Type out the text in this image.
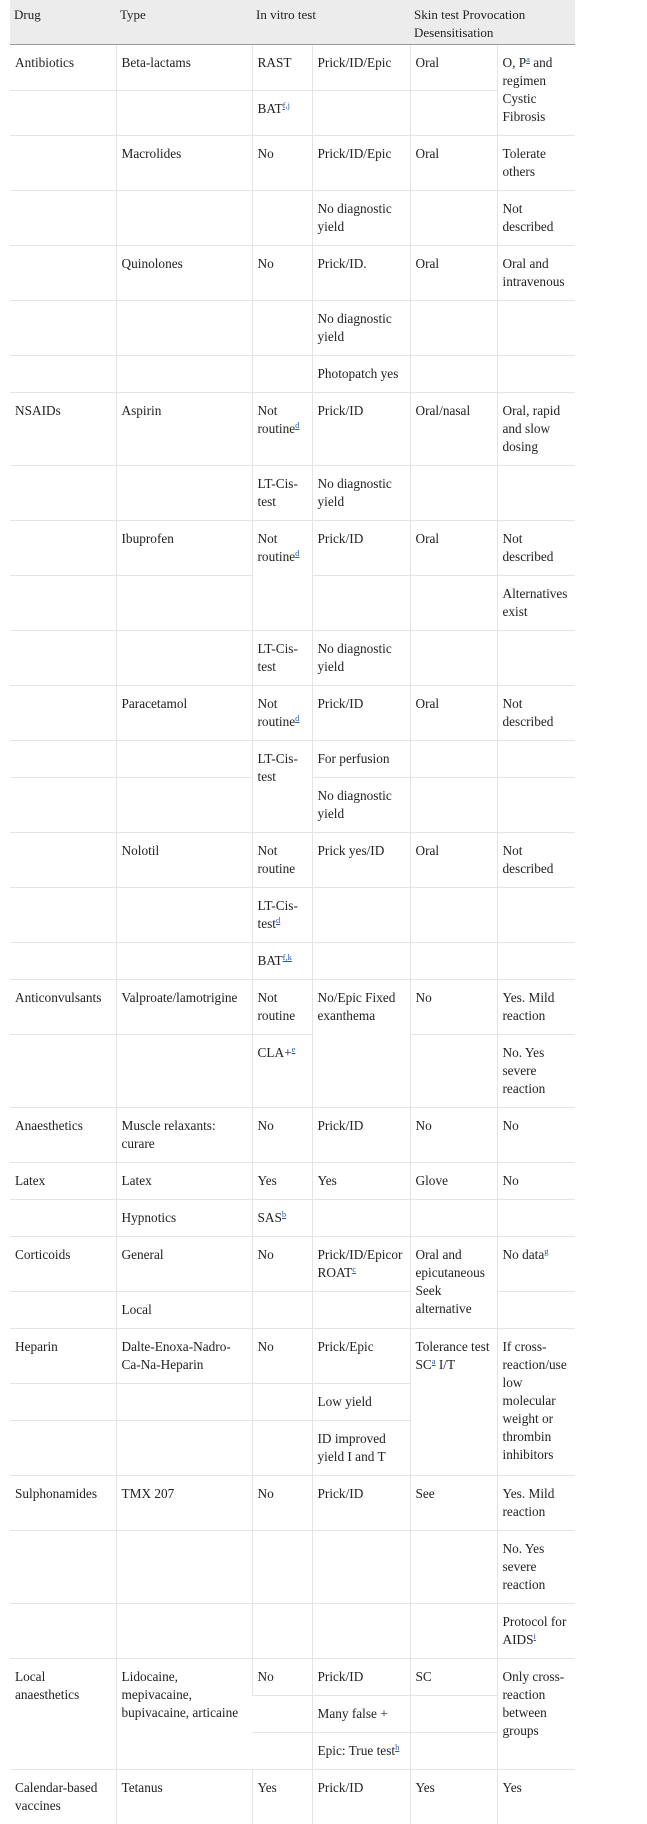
Drug	Type	In vitro test		Skin test Provocation Desensitisation	
Antibiotics	Beta-lactams	RAST	Prick/ID/Epic	Oral	O, P$^a$ and regimen Cystic Fibrosis
		BAT$^{f,j}$		
	Macrolides	No	Prick/ID/Epic	Oral	Tolerate others
			No diagnostic yield		Not described
	Quinolones	No	Prick/ID.	Oral	Oral and intravenous
			No diagnostic yield		
			Photopatch yes		
NSAIDs	Aspirin	Not routine$^d$	Prick/ID	Oral/nasal	Oral, rapid and slow dosing
		LT-Cis-test	No diagnostic yield		
	Ibuprofen	Not routine$^d$	Prick/ID	Oral	Not described
					Alternatives exist
		LT-Cis-test	No diagnostic yield		
	Paracetamol	Not routine$^d$	Prick/ID	Oral	Not described
		LT-Cis-test	For perfusion		
			No diagnostic yield		
	Nolotil	Not routine	Prick yes/ID	Oral	Not described
		LT-Cis-test$^d$			
		BAT$^{f,k}$			
Anticonvulsants	Valproate/lamotrigine	Not routine	No/Epic Fixed exanthema	No	Yes. Mild reaction
		CLA+$^e$			No. Yes severe reaction
Anaesthetics	Muscle relaxants: curare	No	Prick/ID	No	No
Latex	Latex	Yes	Yes	Glove	No
	Hypnotics	SAS$^b$			
Corticoids	General	No	Prick/ID/Epicor ROAT$^c$	Oral and epicutaneous Seek alternative	No data$^g$
	Local				
Heparin	Dalte-Enoxa-Nadro-Ca-Na-Heparin	No	Prick/Epic	Tolerance test SC$^a$ I/T	If cross-reaction/use low molecular weight or thrombin inhibitors
			Low yield		
			ID improved yield I and T		
Sulphonamides	TMX 207	No	Prick/ID	See	Yes. Mild reaction
					No. Yes severe reaction
					Protocol for AIDS$^i$
Local anaesthetics	Lidocaine, mepivacaine, bupivacaine, articaine	No	Prick/ID	SC	Only cross-reaction between groups
			Many false +		
			Epic: True test$^h$	
Calendar-based vaccines	Tetanus	Yes	Prick/ID	Yes	Yes
